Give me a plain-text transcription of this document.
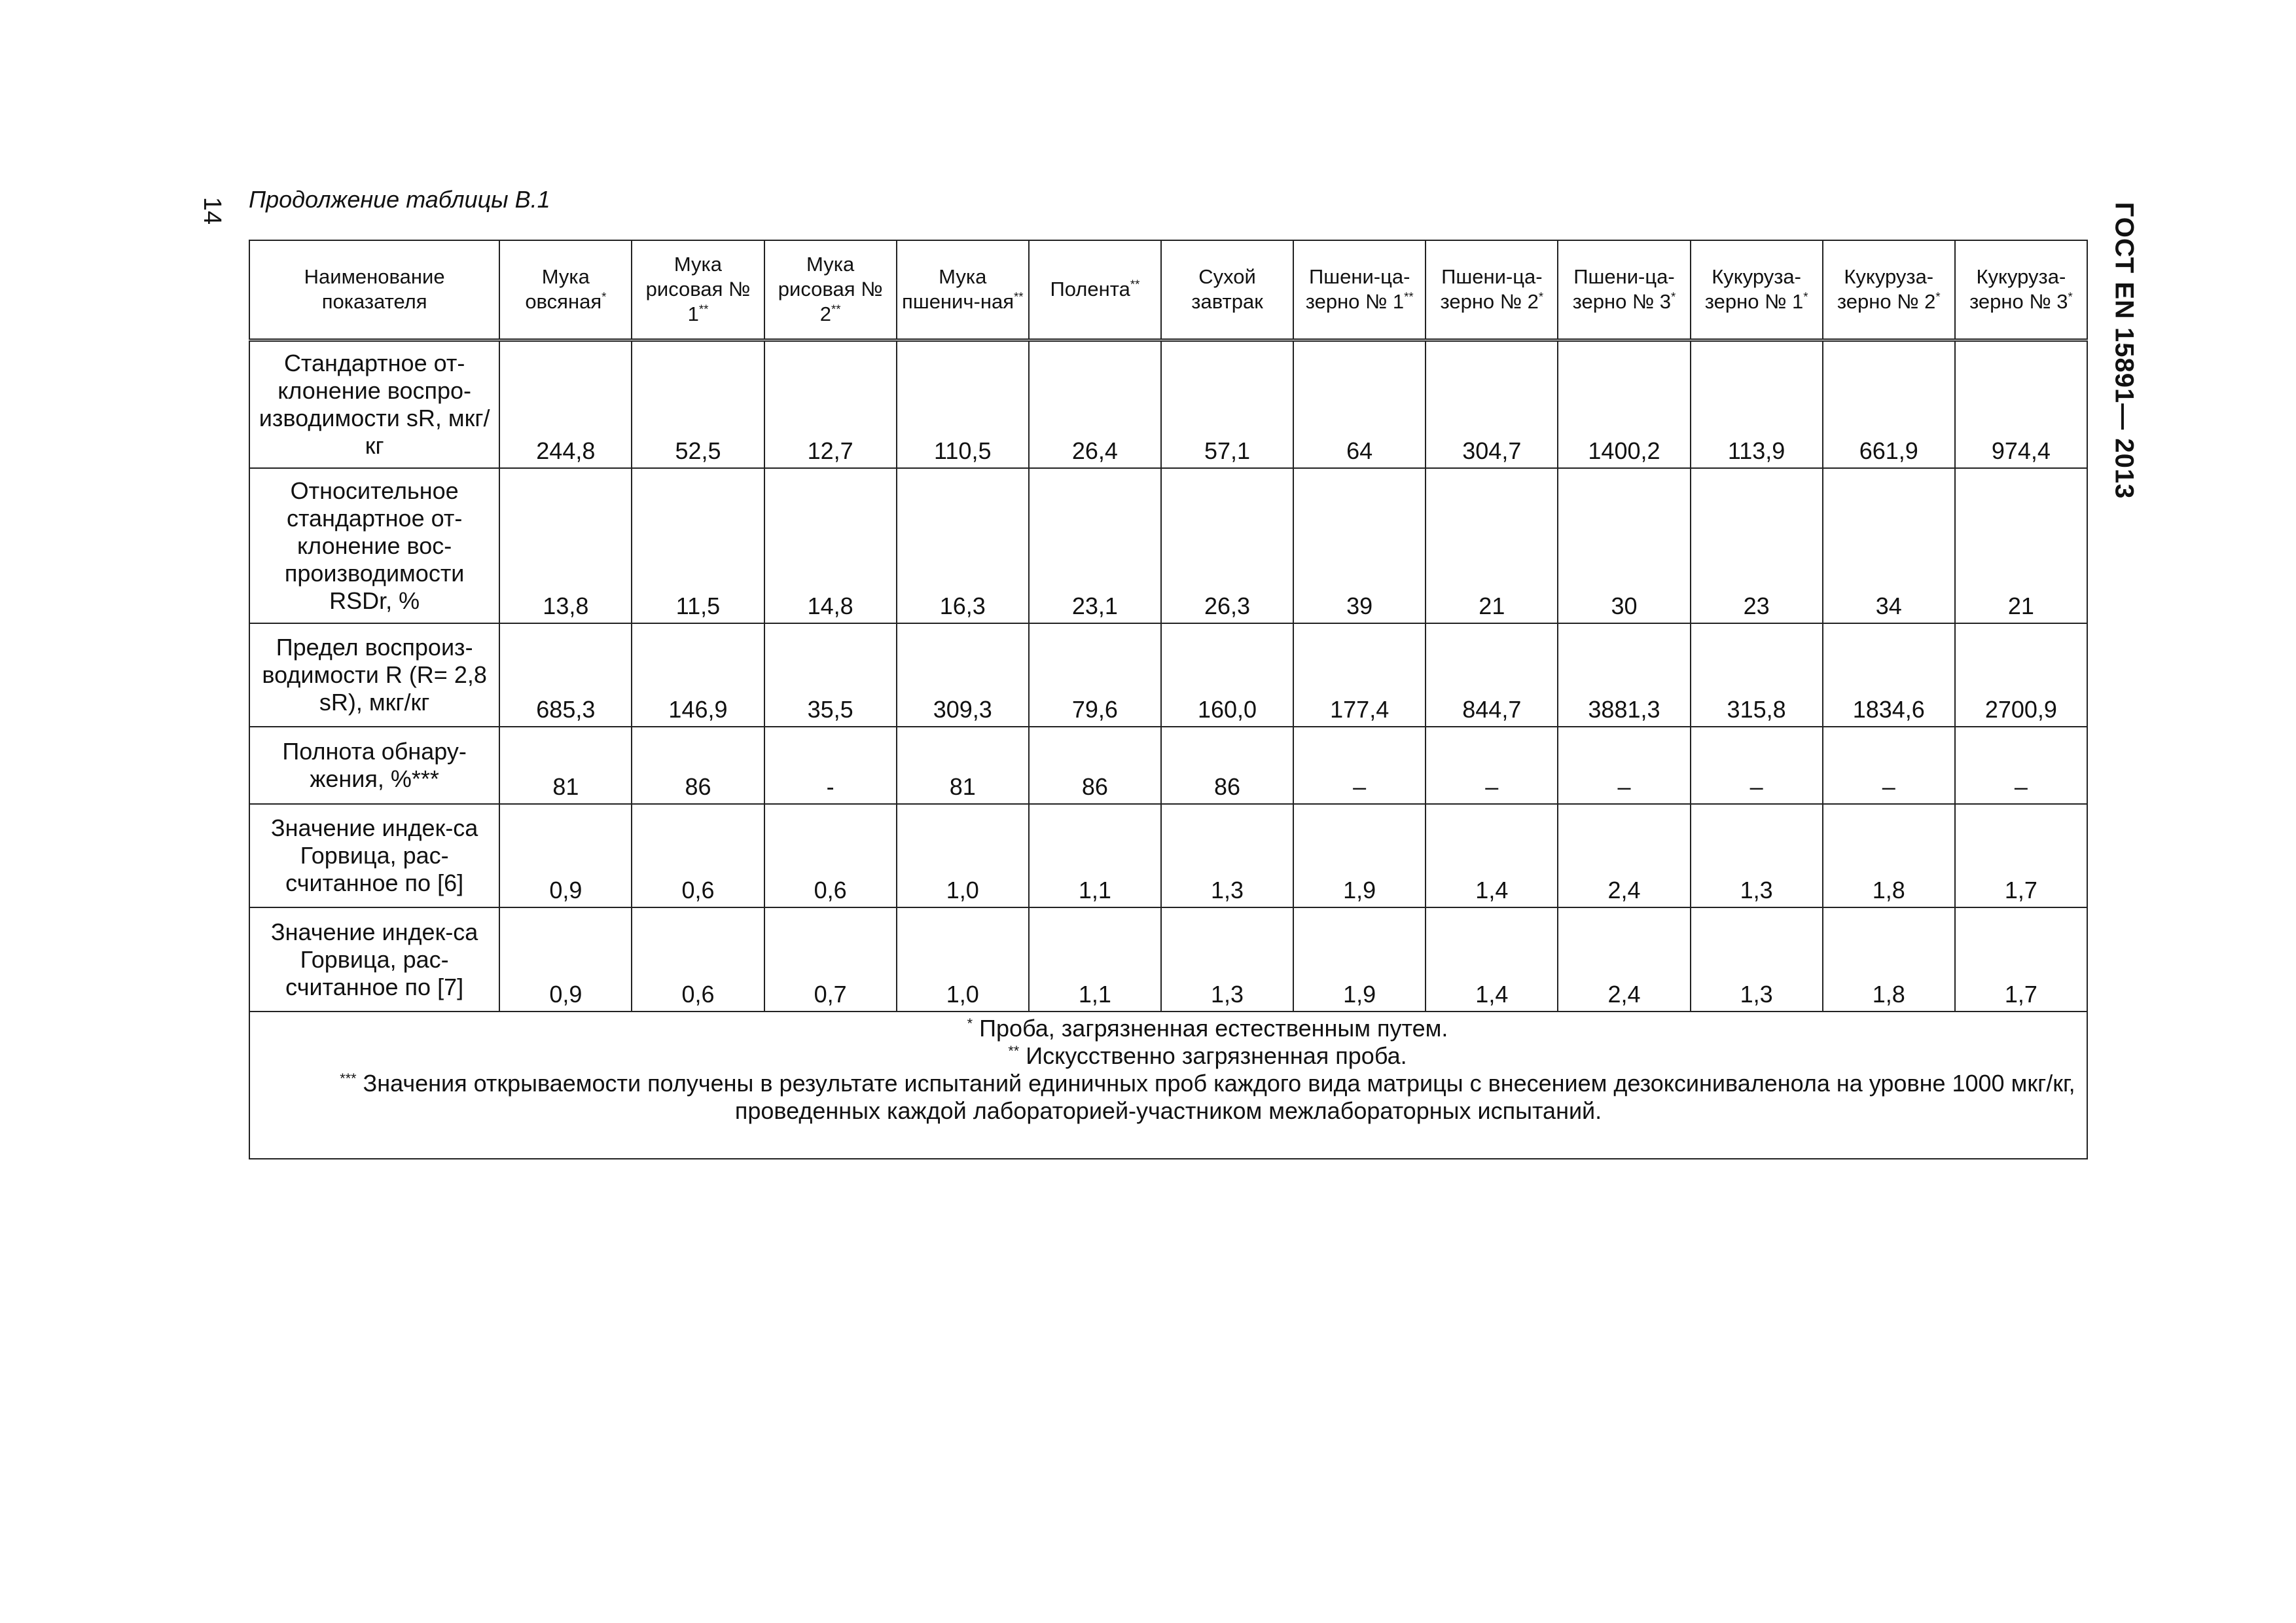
14 Продолжение таблицы В.1
ГОСТ EN 15891— 2013
Наименование показателя	Мука овсяная*	Мука рисовая № 1**	Мука рисовая № 2**	Мука пшенич-ная**	Полента**	Сухой завтрак	Пшени-ца-зерно № 1**	Пшени-ца-зерно № 2*	Пшени-ца-зерно № 3*	Кукуруза-зерно № 1*	Кукуруза-зерно № 2*	Кукуруза-зерно № 3*
Стандартное от-клонение воспро-изводимости sR, мкг/кг	244,8	52,5	12,7	110,5	26,4	57,1	64	304,7	1400,2	113,9	661,9	974,4
Относительное стандартное от-клонение вос-производимости RSDr, %	13,8	11,5	14,8	16,3	23,1	26,3	39	21	30	23	34	21
Предел воспроиз-водимости R (R= 2,8 sR), мкг/кг	685,3	146,9	35,5	309,3	79,6	160,0	177,4	844,7	3881,3	315,8	1834,6	2700,9
Полнота обнару-жения, %***	81	86	-	81	86	86	–	–	–	–	–	–
Значение индек-са Горвица, рас-считанное по [6]	0,9	0,6	0,6	1,0	1,1	1,3	1,9	1,4	2,4	1,3	1,8	1,7
Значение индек-са Горвица, рас-считанное по [7]	0,9	0,6	0,7	1,0	1,1	1,3	1,9	1,4	2,4	1,3	1,8	1,7

* Проба, загрязненная естественным путем.
** Искусственно загрязненная проба.
*** Значения открываемости получены в результате испытаний единичных проб каждого вида матрицы с внесением дезоксиниваленола на уровне 1000 мкг/кг, проведенных каждой лабораторией-участником межлабораторных испытаний.												
